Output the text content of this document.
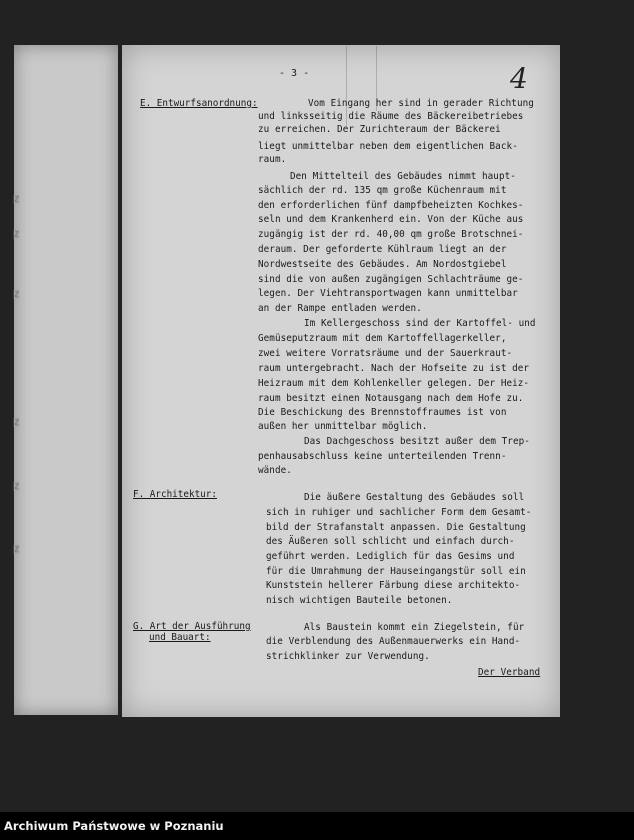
Z
Z
Z
Z
Z
Z
- 3 -	4
E. Entwurfsanordnung:
F. Architektur:
G. Art der Ausführung
und Bauart:
Vom Eingang her sind in gerader Richtung
und linksseitig die Räume des Bäckereibetriebes
zu erreichen. Der Zurichteraum der Bäckerei
liegt unmittelbar neben dem eigentlichen Back-
raum.
Den Mittelteil des Gebäudes nimmt haupt-
sächlich der rd. 135 qm große Küchenraum mit
den erforderlichen fünf dampfbeheizten Kochkes-
seln und dem Krankenherd ein. Von der Küche aus
zugängig ist der rd. 40,00 qm große Brotschnei-
deraum. Der geforderte Kühlraum liegt an der
Nordwestseite des Gebäudes. Am Nordostgiebel
sind die von außen zugängigen Schlachträume ge-
legen. Der Viehtransportwagen kann unmittelbar
an der Rampe entladen werden.
Im Kellergeschoss sind der Kartoffel- und
Gemüseputzraum mit dem Kartoffellagerkeller,
zwei weitere Vorratsräume und der Sauerkraut-
raum untergebracht. Nach der Hofseite zu ist der
Heizraum mit dem Kohlenkeller gelegen. Der Heiz-
raum besitzt einen Notausgang nach dem Hofe zu.
Die Beschickung des Brennstoffraumes ist von
außen her unmittelbar möglich.
Das Dachgeschoss besitzt außer dem Trep-
penhausabschluss keine unterteilenden Trenn-
wände.
Die äußere Gestaltung des Gebäudes soll
sich in ruhiger und sachlicher Form dem Gesamt-
bild der Strafanstalt anpassen. Die Gestaltung
des Äußeren soll schlicht und einfach durch-
geführt werden. Lediglich für das Gesims und
für die Umrahmung der Hauseingangstür soll ein
Kunststein hellerer Färbung diese architekto-
nisch wichtigen Bauteile betonen.
Als Baustein kommt ein Ziegelstein, für
die Verblendung des Außenmauerwerks ein Hand-
strichklinker zur Verwendung.
Der Verband
Archiwum Państwowe w Poznaniu
